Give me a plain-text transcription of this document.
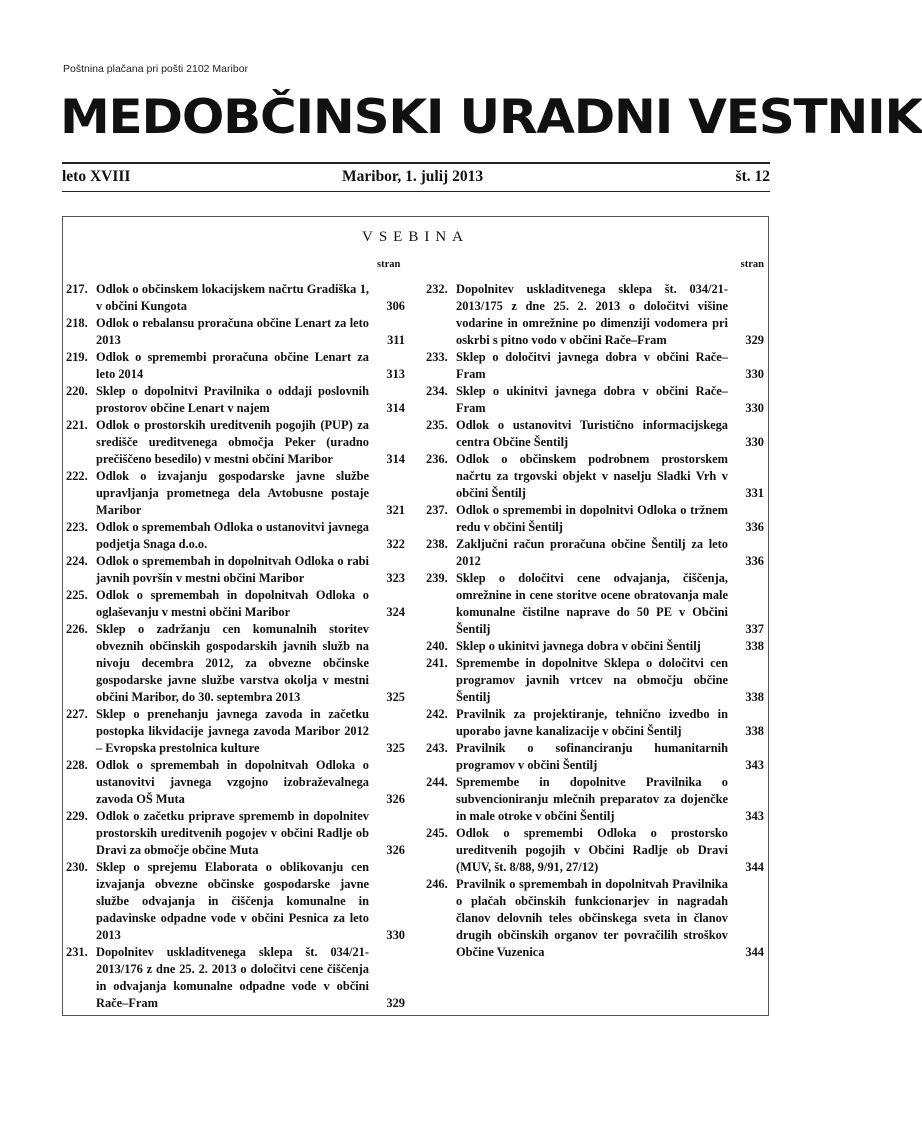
Poštnina plačana pri pošti 2102 Maribor
MEDOBČINSKI URADNI VESTNIK
leto XVIII	Maribor, 1. julij 2013	št. 12
VSEBINA
stran	stran
217. Odlok o občinskem lokacijskem načrtu Gradiška 1, v občini Kungota	306
218. Odlok o rebalansu proračuna občine Lenart za leto 2013	311
219. Odlok o spremembi proračuna občine Lenart za leto 2014	313
220. Sklep o dopolnitvi Pravilnika o oddaji poslovnih prostorov občine Lenart v najem	314
221. Odlok o prostorskih ureditvenih pogojih (PUP) za središče ureditvenega območja Peker (uradno prečiščeno besedilo) v mestni občini Maribor	314
222. Odlok o izvajanju gospodarske javne službe upravljanja prometnega dela Avtobusne postaje Maribor	321
223. Odlok o spremembah Odloka o ustanovitvi javnega podjetja Snaga d.o.o.	322
224. Odlok o spremembah in dopolnitvah Odloka o rabi javnih površin v mestni občini Maribor	323
225. Odlok o spremembah in dopolnitvah Odloka o oglaševanju v mestni občini Maribor	324
226. Sklep o zadržanju cen komunalnih storitev obveznih občinskih gospodarskih javnih služb na nivoju decembra 2012, za obvezne občinske gospodarske javne službe varstva okolja v mestni občini Maribor, do 30. septembra 2013	325
227. Sklep o prenehanju javnega zavoda in začetku postopka likvidacije javnega zavoda Maribor 2012 – Evropska prestolnica kulture	325
228. Odlok o spremembah in dopolnitvah Odloka o ustanovitvi javnega vzgojno izobraževalnega zavoda OŠ Muta	326
229. Odlok o začetku priprave sprememb in dopolnitev prostorskih ureditvenih pogojev v občini Radlje ob Dravi za območje občine Muta	326
230. Sklep o sprejemu Elaborata o oblikovanju cen izvajanja obvezne občinske gospodarske javne službe odvajanja in čiščenja komunalne in padavinske odpadne vode v občini Pesnica za leto 2013	330
231. Dopolnitev uskladitvenega sklepa št. 034/21-2013/176 z dne 25. 2. 2013 o določitvi cene čiščenja in odvajanja komunalne odpadne vode v občini Rače–Fram	329
232. Dopolnitev uskladitvenega sklepa št. 034/21-2013/175 z dne 25. 2. 2013 o določitvi višine vodarine in omrežnine po dimenziji vodomera pri oskrbi s pitno vodo v občini Rače–Fram	329
233. Sklep o določitvi javnega dobra v občini Rače–Fram	330
234. Sklep o ukinitvi javnega dobra v občini Rače–Fram	330
235. Odlok o ustanovitvi Turistično informacijskega centra Občine Šentilj	330
236. Odlok o občinskem podrobnem prostorskem načrtu za trgovski objekt v naselju Sladki Vrh v občini Šentilj	331
237. Odlok o spremembi in dopolnitvi Odloka o tržnem redu v občini Šentilj	336
238. Zaključni račun proračuna občine Šentilj za leto 2012	336
239. Sklep o določitvi cene odvajanja, čiščenja, omrežnine in cene storitve ocene obratovanja male komunalne čistilne naprave do 50 PE v Občini Šentilj	337
240. Sklep o ukinitvi javnega dobra v občini Šentilj	338
241. Spremembe in dopolnitve Sklepa o določitvi cen programov javnih vrtcev na območju občine Šentilj	338
242. Pravilnik za projektiranje, tehnično izvedbo in uporabo javne kanalizacije v občini Šentilj	338
243. Pravilnik o sofinanciranju humanitarnih programov v občini Šentilj	343
244. Spremembe in dopolnitve Pravilnika o subvencioniranju mlečnih preparatov za dojenčke in male otroke v občini Šentilj	343
245. Odlok o spremembi Odloka o prostorsko ureditvenih pogojih v Občini Radlje ob Dravi (MUV, št. 8/88, 9/91, 27/12)	344
246. Pravilnik o spremembah in dopolnitvah Pravilnika o plačah občinskih funkcionarjev in nagradah članov delovnih teles občinskega sveta in članov drugih občinskih organov ter povračilih stroškov Občine Vuzenica	344
